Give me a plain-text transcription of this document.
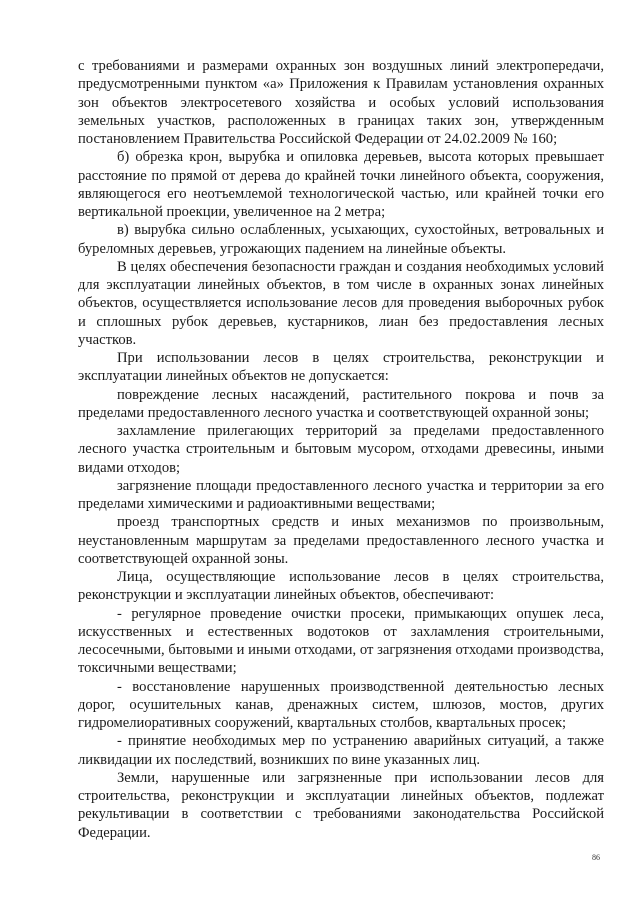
с требованиями и размерами охранных зон воздушных линий электропередачи, предусмотренными пунктом «а» Приложения к Правилам установления охранных зон объектов электросетевого хозяйства и особых условий использования земельных участков, расположенных в границах таких зон, утвержденным постановлением Правительства Российской Федерации от 24.02.2009 № 160;

б) обрезка крон, вырубка и опиловка деревьев, высота которых превышает расстояние по прямой от дерева до крайней точки линейного объекта, сооружения, являющегося его неотъемлемой технологической частью, или крайней точки его вертикальной проекции, увеличенное на 2 метра;

в) вырубка сильно ослабленных, усыхающих, сухостойных, ветровальных и буреломных деревьев, угрожающих падением на линейные объекты.

В целях обеспечения безопасности граждан и создания необходимых условий для эксплуатации линейных объектов, в том числе в охранных зонах линейных объектов, осуществляется использование лесов для проведения выборочных рубок и сплошных рубок деревьев, кустарников, лиан без предоставления лесных участков.

При использовании лесов в целях строительства, реконструкции и эксплуатации линейных объектов не допускается:

повреждение лесных насаждений, растительного покрова и почв за пределами предоставленного лесного участка и соответствующей охранной зоны;

захламление прилегающих территорий за пределами предоставленного лесного участка строительным и бытовым мусором, отходами древесины, иными видами отходов;

загрязнение площади предоставленного лесного участка и территории за его пределами химическими и радиоактивными веществами;

проезд транспортных средств и иных механизмов по произвольным, неустановленным маршрутам за пределами предоставленного лесного участка и соответствующей охранной зоны.

Лица, осуществляющие использование лесов в целях строительства, реконструкции и эксплуатации линейных объектов, обеспечивают:

- регулярное проведение очистки просеки, примыкающих опушек леса, искусственных и естественных водотоков от захламления строительными, лесосечными, бытовыми и иными отходами, от загрязнения отходами производства, токсичными веществами;

- восстановление нарушенных производственной деятельностью лесных дорог, осушительных канав, дренажных систем, шлюзов, мостов, других гидромелиоративных сооружений, квартальных столбов, квартальных просек;

- принятие необходимых мер по устранению аварийных ситуаций, а также ликвидации их последствий, возникших по вине указанных лиц.

Земли, нарушенные или загрязненные при использовании лесов для строительства, реконструкции и эксплуатации линейных объектов, подлежат рекультивации в соответствии с требованиями законодательства Российской Федерации.

86
